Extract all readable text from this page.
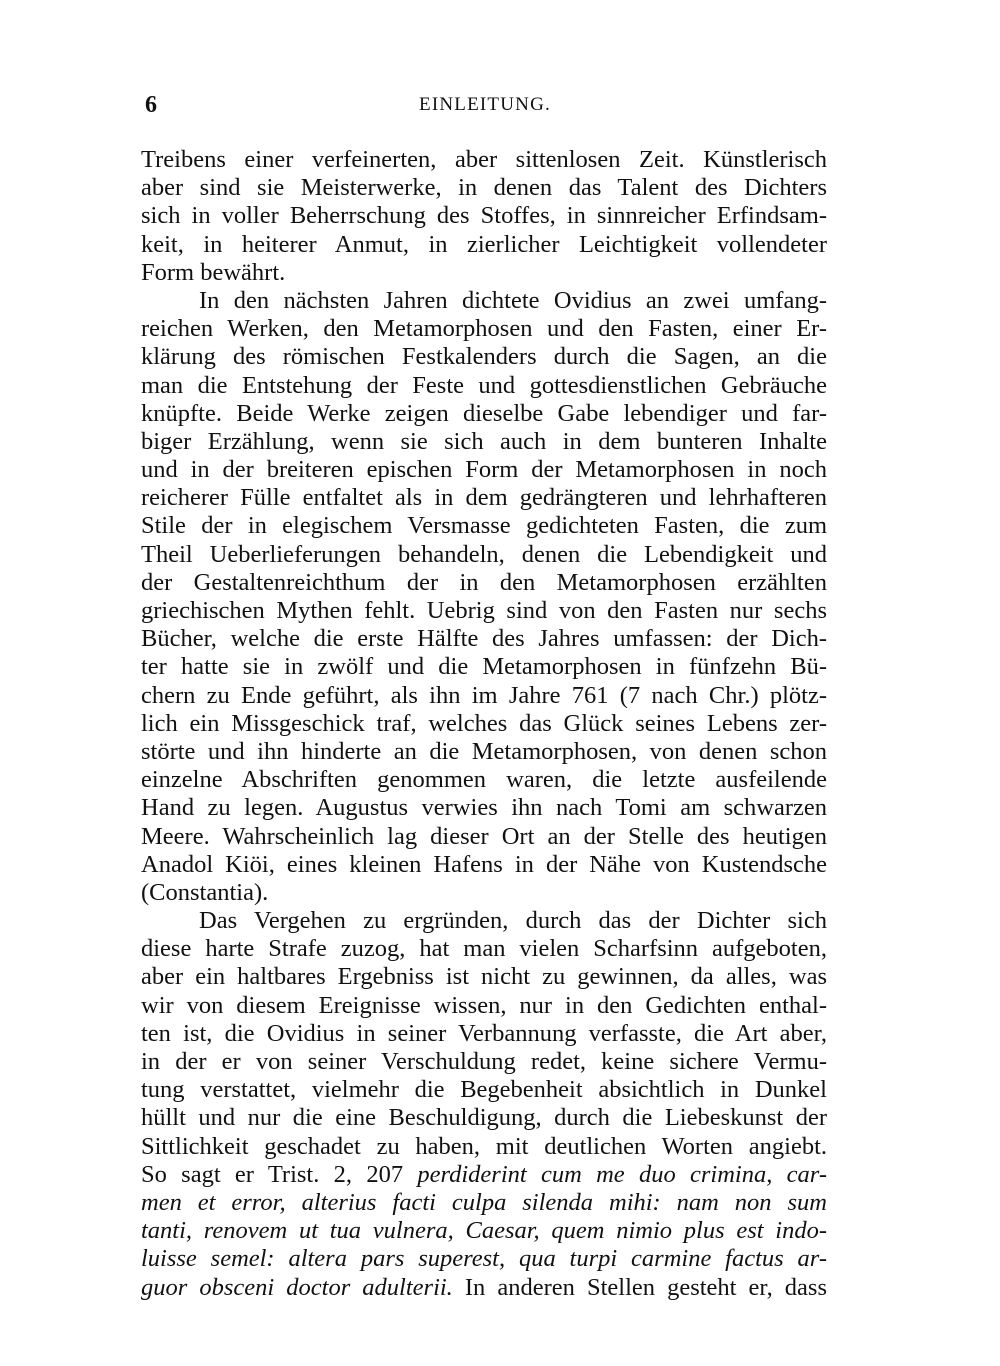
6	EINLEITUNG.
Treibens einer verfeinerten, aber sittenlosen Zeit. Künstlerisch
aber sind sie Meisterwerke, in denen das Talent des Dichters
sich in voller Beherrschung des Stoffes, in sinnreicher Erfindsam-
keit, in heiterer Anmut, in zierlicher Leichtigkeit vollendeter
Form bewährt.
In den nächsten Jahren dichtete Ovidius an zwei umfang-
reichen Werken, den Metamorphosen und den Fasten, einer Er-
klärung des römischen Festkalenders durch die Sagen, an die
man die Entstehung der Feste und gottesdienstlichen Gebräuche
knüpfte. Beide Werke zeigen dieselbe Gabe lebendiger und far-
biger Erzählung, wenn sie sich auch in dem bunteren Inhalte
und in der breiteren epischen Form der Metamorphosen in noch
reicherer Fülle entfaltet als in dem gedrängteren und lehrhafteren
Stile der in elegischem Versmasse gedichteten Fasten, die zum
Theil Ueberlieferungen behandeln, denen die Lebendigkeit und
der Gestaltenreichthum der in den Metamorphosen erzählten
griechischen Mythen fehlt. Uebrig sind von den Fasten nur sechs
Bücher, welche die erste Hälfte des Jahres umfassen: der Dich-
ter hatte sie in zwölf und die Metamorphosen in fünfzehn Bü-
chern zu Ende geführt, als ihn im Jahre 761 (7 nach Chr.) plötz-
lich ein Missgeschick traf, welches das Glück seines Lebens zer-
störte und ihn hinderte an die Metamorphosen, von denen schon
einzelne Abschriften genommen waren, die letzte ausfeilende
Hand zu legen. Augustus verwies ihn nach Tomi am schwarzen
Meere. Wahrscheinlich lag dieser Ort an der Stelle des heutigen
Anadol Kiöi, eines kleinen Hafens in der Nähe von Kustendsche
(Constantia).
Das Vergehen zu ergründen, durch das der Dichter sich
diese harte Strafe zuzog, hat man vielen Scharfsinn aufgeboten,
aber ein haltbares Ergebniss ist nicht zu gewinnen, da alles, was
wir von diesem Ereignisse wissen, nur in den Gedichten enthal-
ten ist, die Ovidius in seiner Verbannung verfasste, die Art aber,
in der er von seiner Verschuldung redet, keine sichere Vermu-
tung verstattet, vielmehr die Begebenheit absichtlich in Dunkel
hüllt und nur die eine Beschuldigung, durch die Liebeskunst der
Sittlichkeit geschadet zu haben, mit deutlichen Worten angiebt.
So sagt er Trist. 2, 207 perdiderint cum me duo crimina, car-
men et error, alterius facti culpa silenda mihi: nam non sum
tanti, renovem ut tua vulnera, Caesar, quem nimio plus est indo-
luisse semel: altera pars superest, qua turpi carmine factus ar-
guor obsceni doctor adulterii. In anderen Stellen gesteht er, dass
